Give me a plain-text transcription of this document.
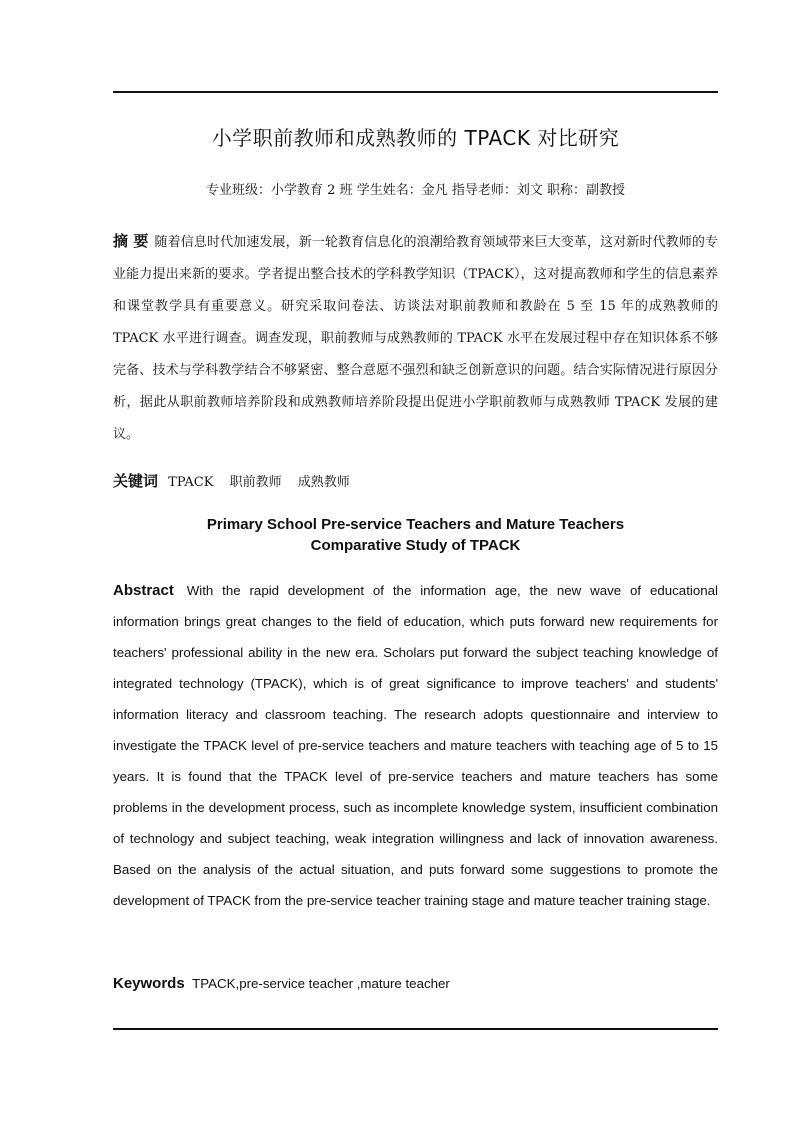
小学职前教师和成熟教师的 TPACK 对比研究
专业班级：小学教育 2 班 学生姓名：金凡 指导老师：刘文 职称：副教授

摘 要 随着信息时代加速发展，新一轮教育信息化的浪潮给教育领域带来巨大变革，这对新时代教师的专业能力提出来新的要求。学者提出整合技术的学科教学知识（TPACK），这对提高教师和学生的信息素养和课堂教学具有重要意义。研究采取问卷法、访谈法对职前教师和教龄在 5 至 15 年的成熟教师的 TPACK 水平进行调查。调查发现，职前教师与成熟教师的 TPACK 水平在发展过程中存在知识体系不够完备、技术与学科教学结合不够紧密、整合意愿不强烈和缺乏创新意识的问题。结合实际情况进行原因分析，据此从职前教师培养阶段和成熟教师培养阶段提出促进小学职前教师与成熟教师 TPACK 发展的建议。

关键词 TPACK 职前教师 成熟教师
Primary School Pre-service Teachers and Mature Teachers
Comparative Study of TPACK

Abstract With the rapid development of the information age, the new wave of educational information brings great changes to the field of education, which puts forward new requirements for teachers' professional ability in the new era. Scholars put forward the subject teaching knowledge of integrated technology (TPACK), which is of great significance to improve teachers' and students' information literacy and classroom teaching. The research adopts questionnaire and interview to investigate the TPACK level of pre-service teachers and mature teachers with teaching age of 5 to 15 years. It is found that the TPACK level of pre-service teachers and mature teachers has some problems in the development process, such as incomplete knowledge system, insufficient combination of technology and subject teaching, weak integration willingness and lack of innovation awareness. Based on the analysis of the actual situation, and puts forward some suggestions to promote the development of TPACK from the pre-service teacher training stage and mature teacher training stage.

Keywords TPACK,pre-service teacher ,mature teacher
